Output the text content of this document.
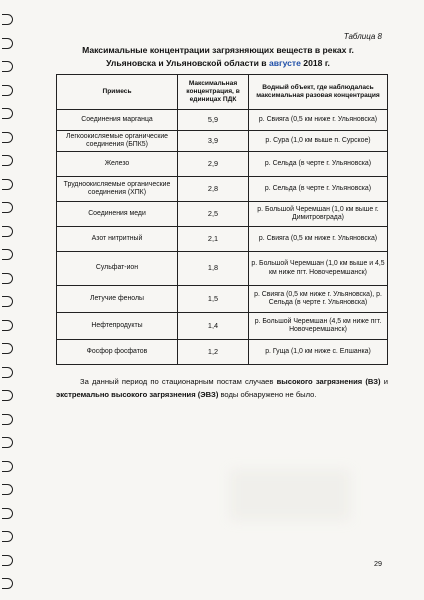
Таблица 8
Максимальные концентрации загрязняющих веществ в реках г. Ульяновска и Ульяновской области в августе 2018 г.
Примесь	Максимальная концентрация, в единицах ПДК	Водный объект, где наблюдалась максимальная разовая концентрация
Соединения марганца	5,9	р. Свияга (0,5 км ниже г. Ульяновска)
Легкоокисляемые органические соединения (БПК5)	3,9	р. Сура (1,0 км выше п. Сурское)
Железо	2,9	р. Сельда (в черте г. Ульяновска)
Трудноокисляемые органические соединения (ХПК)	2,8	р. Сельда (в черте г. Ульяновска)
Соединения меди	2,5	р. Большой Черемшан (1,0 км выше г. Димитровграда)
Азот нитритный	2,1	р. Свияга (0,5 км ниже г. Ульяновска)
Сульфат-ион	1,8	р. Большой Черемшан (1,0 км выше и 4,5 км ниже пгт. Новочеремшанск)
Летучие фенолы	1,5	р. Свияга (0,5 км ниже г. Ульяновска), р. Сельда (в черте г. Ульяновска)
Нефтепродукты	1,4	р. Большой Черемшан (4,5 км ниже пгт. Новочеремшанск)
Фосфор фосфатов	1,2	р. Гуща (1,0 км ниже с. Елшанка)
За данный период по стационарным постам случаев высокого загрязнения (ВЗ) и экстремально высокого загрязнения (ЭВЗ) воды обнаружено не было.
29
